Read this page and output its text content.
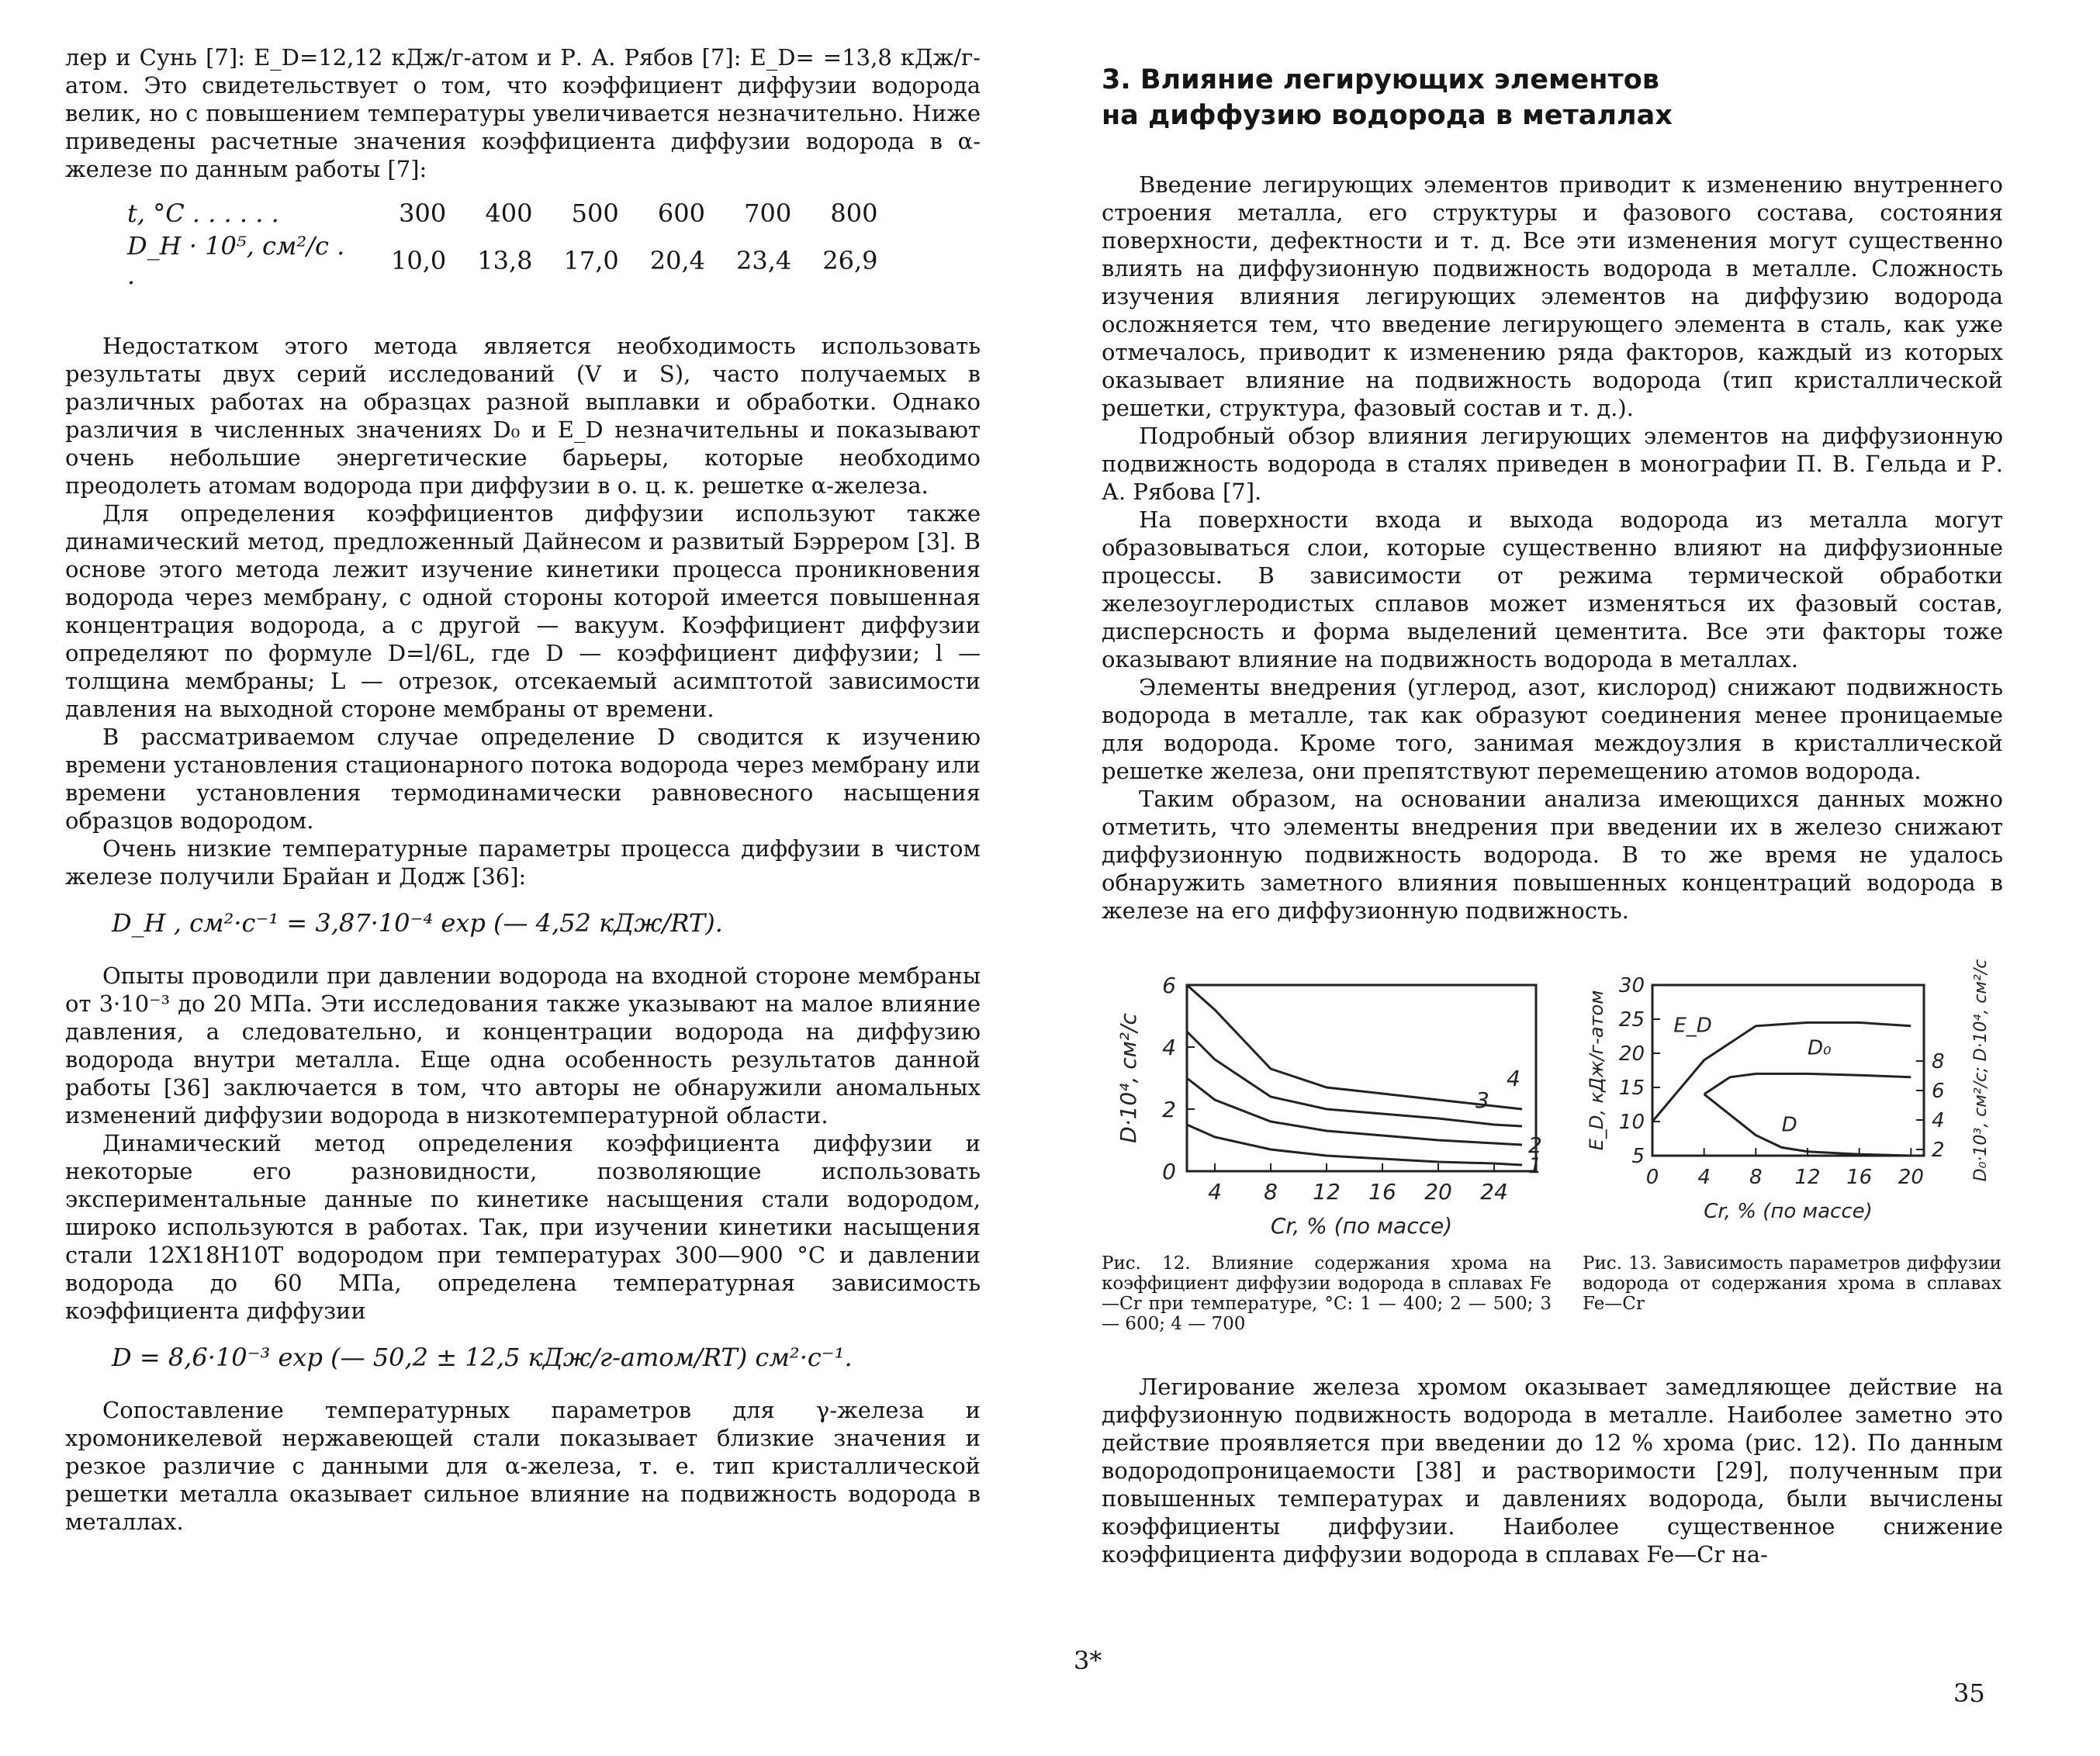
лер и Сунь [7]: E_D=12,12 кДж/г-атом и Р. А. Рябов [7]: E_D= =13,8 кДж/г-атом. Это свидетельствует о том, что коэффициент диффузии водорода велик, но с повышением температуры увеличивается незначительно. Ниже приведены расчетные значения коэффициента диффузии водорода в α-железе по данным работы [7]:

t, °C . . . . . .	300	400	500	600	700	800
D_H · 10⁵, см²/с . .	10,0	13,8	17,0	20,4	23,4	26,9

Недостатком этого метода является необходимость использовать результаты двух серий исследований (V и S), часто получаемых в различных работах на образцах разной выплавки и обработки. Однако различия в численных значениях D₀ и E_D незначительны и показывают очень небольшие энергетические барьеры, которые необходимо преодолеть атомам водорода при диффузии в о. ц. к. решетке α-железа.

Для определения коэффициентов диффузии используют также динамический метод, предложенный Дайнесом и развитый Бэррером [3]. В основе этого метода лежит изучение кинетики процесса проникновения водорода через мембрану, с одной стороны которой имеется повышенная концентрация водорода, а с другой — вакуум. Коэффициент диффузии определяют по формуле D=l/6L, где D — коэффициент диффузии; l — толщина мембраны; L — отрезок, отсекаемый асимптотой зависимости давления на выходной стороне мембраны от времени.

В рассматриваемом случае определение D сводится к изучению времени установления стационарного потока водорода через мембрану или времени установления термодинамически равновесного насыщения образцов водородом.

Очень низкие температурные параметры процесса диффузии в чистом железе получили Брайан и Додж [36]:

D_H , см²·с⁻¹ = 3,87·10⁻⁴ exp (— 4,52 кДж/RT).

Опыты проводили при давлении водорода на входной стороне мембраны от 3·10⁻³ до 20 МПа. Эти исследования также указывают на малое влияние давления, а следовательно, и концентрации водорода на диффузию водорода внутри металла. Еще одна особенность результатов данной работы [36] заключается в том, что авторы не обнаружили аномальных изменений диффузии водорода в низкотемпературной области.

Динамический метод определения коэффициента диффузии и некоторые его разновидности, позволяющие использовать экспериментальные данные по кинетике насыщения стали водородом, широко используются в работах. Так, при изучении кинетики насыщения стали 12Х18Н10Т водородом при температурах 300—900 °C и давлении водорода до 60 МПа, определена температурная зависимость коэффициента диффузии

D = 8,6·10⁻³ exp (— 50,2 ± 12,5 кДж/г-атом/RT) см²·с⁻¹.

Сопоставление температурных параметров для γ-железа и хромоникелевой нержавеющей стали показывает близкие значения и резкое различие с данными для α-железа, т. е. тип кристаллической решетки металла оказывает сильное влияние на подвижность водорода в металлах.

3. Влияние легирующих элементов
на диффузию водорода в металлах

Введение легирующих элементов приводит к изменению внутреннего строения металла, его структуры и фазового состава, состояния поверхности, дефектности и т. д. Все эти изменения могут существенно влиять на диффузионную подвижность водорода в металле. Сложность изучения влияния легирующих элементов на диффузию водорода осложняется тем, что введение легирующего элемента в сталь, как уже отмечалось, приводит к изменению ряда факторов, каждый из которых оказывает влияние на подвижность водорода (тип кристаллической решетки, структура, фазовый состав и т. д.).

Подробный обзор влияния легирующих элементов на диффузионную подвижность водорода в сталях приведен в монографии П. В. Гельда и Р. А. Рябова [7].

На поверхности входа и выхода водорода из металла могут образовываться слои, которые существенно влияют на диффузионные процессы. В зависимости от режима термической обработки железоуглеродистых сплавов может изменяться их фазовый состав, дисперсность и форма выделений цементита. Все эти факторы тоже оказывают влияние на подвижность водорода в металлах.

Элементы внедрения (углерод, азот, кислород) снижают подвижность водорода в металле, так как образуют соединения менее проницаемые для водорода. Кроме того, занимая междоузлия в кристаллической решетке железа, они препятствуют перемещению атомов водорода.

Таким образом, на основании анализа имеющихся данных можно отметить, что элементы внедрения при введении их в железо снижают диффузионную подвижность водорода. В то же время не удалось обнаружить заметного влияния повышенных концентраций водорода в железе на его диффузионную подвижность.

4 8 12 16 20 24
0
2
4
6
Cr, % (по массе)
D·10⁴, см²/с
1
2
3
4
0 4 8 12 16 20
5
10
15
20
25
30
2
4
6
8
Cr, % (по массе)
E_D, кДж/г-атом	D₀·10³, см²/с; D·10⁴, см²/с
E_D
D₀
D
Рис. 12. Влияние содержания хрома на коэффициент диффузии водорода в сплавах Fe—Cr при температуре, °C: 1 — 400; 2 — 500; 3 — 600; 4 — 700
Рис. 13. Зависимость параметров диффузии водорода от содержания хрома в сплавах Fe—Cr

Легирование железа хромом оказывает замедляющее действие на диффузионную подвижность водорода в металле. Наиболее заметно это действие проявляется при введении до 12 % хрома (рис. 12). По данным водородопроницаемости [38] и растворимости [29], полученным при повышенных температурах и давлениях водорода, были вычислены коэффициенты диффузии. Наиболее существенное снижение коэффициента диффузии водорода в сплавах Fe—Cr на-

3*
35
